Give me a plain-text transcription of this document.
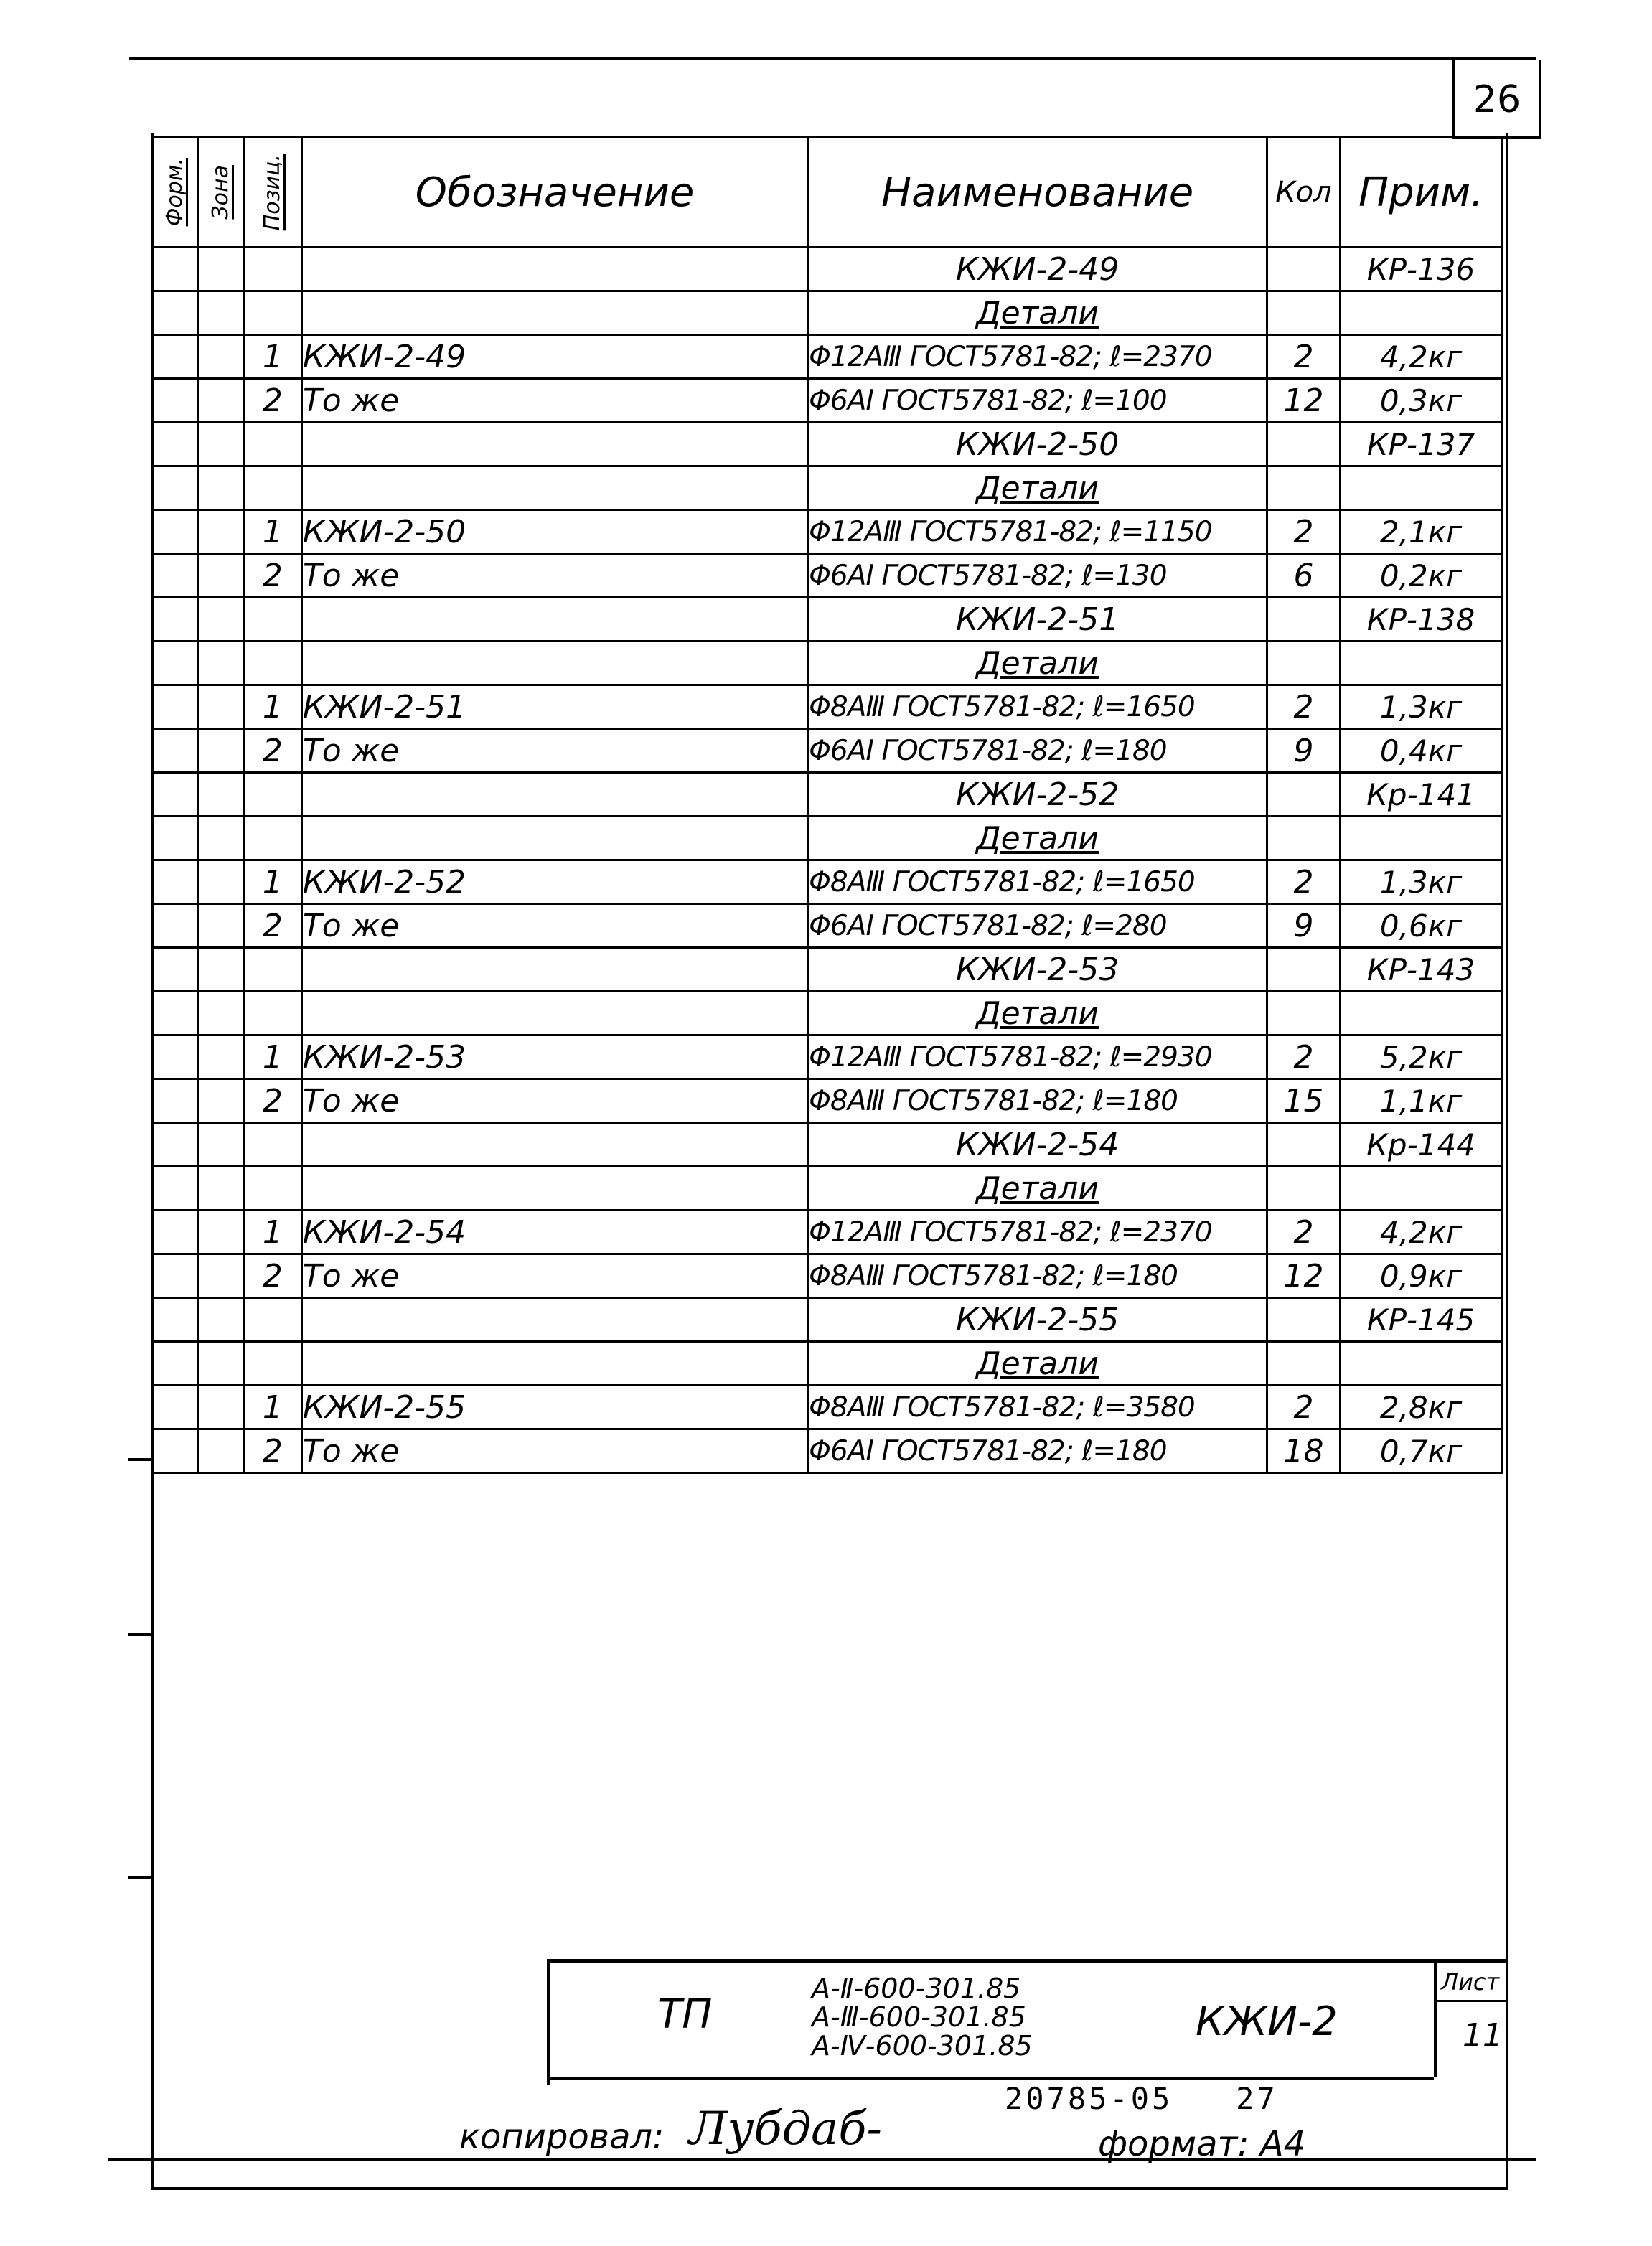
26
Форм.	Зона	Позиц.	Обозначение	Наименование	Кол	Прим.
				КЖИ-2-49		КР-136
				Детали		
		1	КЖИ-2-49	Φ12АⅢ ГОСТ5781-82; ℓ=2370	2	4,2кг
		2	То же	Φ6АⅠ ГОСТ5781-82; ℓ=100	12	0,3кг
				КЖИ-2-50		КР-137
				Детали		
		1	КЖИ-2-50	Φ12АⅢ ГОСТ5781-82; ℓ=1150	2	2,1кг
		2	То же	Φ6АⅠ ГОСТ5781-82; ℓ=130	6	0,2кг
				КЖИ-2-51		КР-138
				Детали		
		1	КЖИ-2-51	Φ8АⅢ ГОСТ5781-82; ℓ=1650	2	1,3кг
		2	То же	Φ6АⅠ ГОСТ5781-82; ℓ=180	9	0,4кг
				КЖИ-2-52		Кр-141
				Детали		
		1	КЖИ-2-52	Φ8АⅢ ГОСТ5781-82; ℓ=1650	2	1,3кг
		2	То же	Φ6АⅠ ГОСТ5781-82; ℓ=280	9	0,6кг
				КЖИ-2-53		КР-143
				Детали		
		1	КЖИ-2-53	Φ12АⅢ ГОСТ5781-82; ℓ=2930	2	5,2кг
		2	То же	Φ8АⅢ ГОСТ5781-82; ℓ=180	15	1,1кг
				КЖИ-2-54		Кр-144
				Детали		
		1	КЖИ-2-54	Φ12АⅢ ГОСТ5781-82; ℓ=2370	2	4,2кг
		2	То же	Φ8АⅢ ГОСТ5781-82; ℓ=180	12	0,9кг
				КЖИ-2-55		КР-145
				Детали		
		1	КЖИ-2-55	Φ8АⅢ ГОСТ5781-82; ℓ=3580	2	2,8кг
		2	То же	Φ6АⅠ ГОСТ5781-82; ℓ=180	18	0,7кг
ТП
А-Ⅱ-600-301.85
А-Ⅲ-600-301.85
А-Ⅳ-600-301.85
КЖИ-2
Лист
11
20785-05   27
копировал: Лубдаб-	формат: А4
